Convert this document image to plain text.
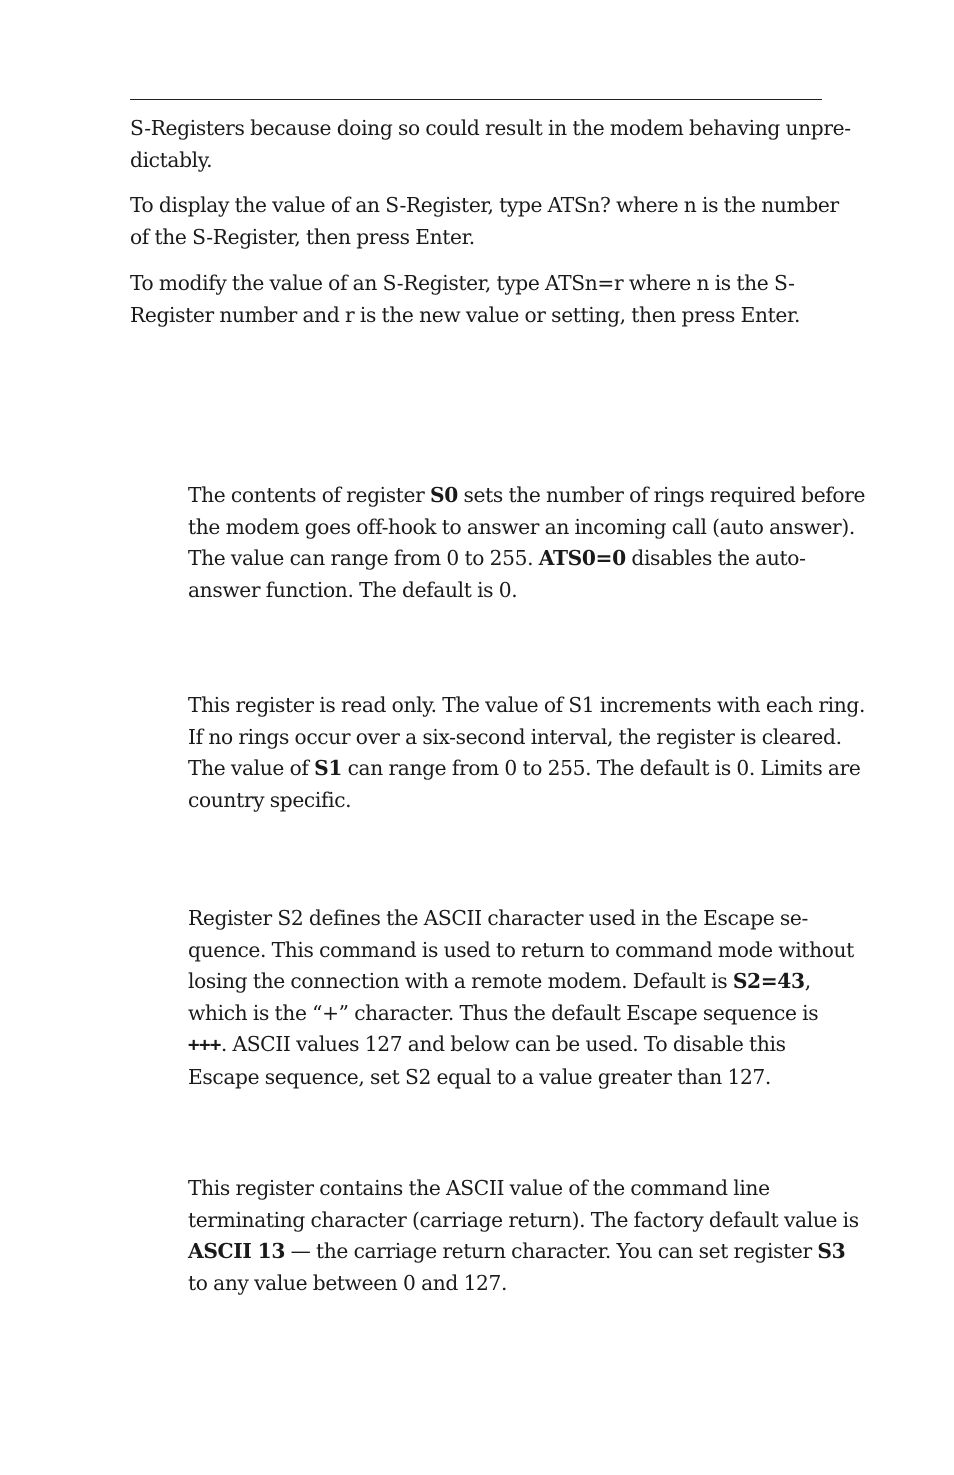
S-Registers because doing so could result in the modem behaving unpre-
dictably.

To display the value of an S-Register, type ATSn? where n is the number
of the S-Register, then press Enter.

To modify the value of an S-Register, type ATSn=r where n is the S-
Register number and r is the new value or setting, then press Enter.

The contents of register S0 sets the number of rings required before
the modem goes off-hook to answer an incoming call (auto answer).
The value can range from 0 to 255. ATS0=0 disables the auto-
answer function. The default is 0.

This register is read only. The value of S1 increments with each ring.
If no rings occur over a six-second interval, the register is cleared.
The value of S1 can range from 0 to 255. The default is 0. Limits are
country specific.

Register S2 defines the ASCII character used in the Escape se-
quence. This command is used to return to command mode without
losing the connection with a remote modem. Default is S2=43,
which is the “+” character. Thus the default Escape sequence is
+++. ASCII values 127 and below can be used. To disable this
Escape sequence, set S2 equal to a value greater than 127.

This register contains the ASCII value of the command line
terminating character (carriage return). The factory default value is
ASCII 13 — the carriage return character. You can set register S3
to any value between 0 and 127.
